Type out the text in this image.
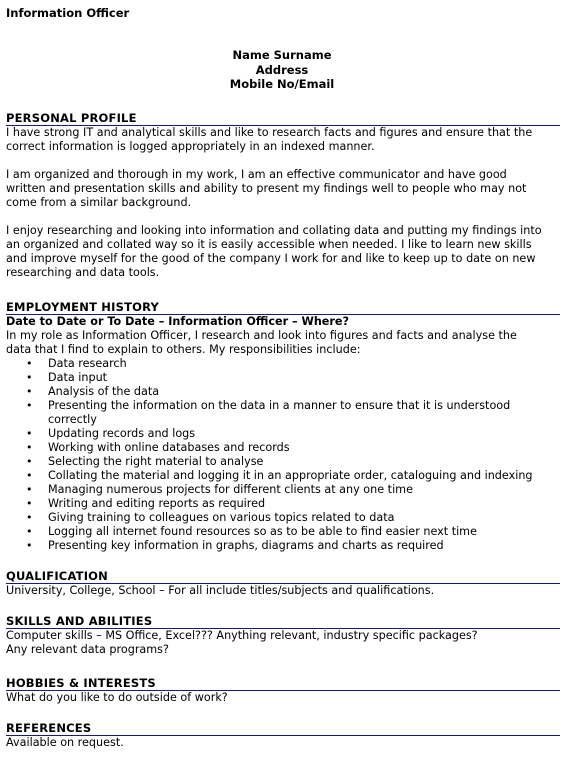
Information Officer
Name Surname
Address
Mobile No/Email
PERSONAL PROFILE
I have strong IT and analytical skills and like to research facts and figures and ensure that the
correct information is logged appropriately in an indexed manner.
I am organized and thorough in my work, I am an effective communicator and have good
written and presentation skills and ability to present my findings well to people who may not
come from a similar background.
I enjoy researching and looking into information and collating data and putting my findings into
an organized and collated way so it is easily accessible when needed. I like to learn new skills
and improve myself for the good of the company I work for and like to keep up to date on new
researching and data tools.
EMPLOYMENT HISTORY
Date to Date or To Date – Information Officer – Where?
In my role as Information Officer, I research and look into figures and facts and analyse the
data that I find to explain to others. My responsibilities include:
• Data research
• Data input
• Analysis of the data
• Presenting the information on the data in a manner to ensure that it is understood
correctly
• Updating records and logs
• Working with online databases and records
• Selecting the right material to analyse
• Collating the material and logging it in an appropriate order, cataloguing and indexing
• Managing numerous projects for different clients at any one time
• Writing and editing reports as required
• Giving training to colleagues on various topics related to data
• Logging all internet found resources so as to be able to find easier next time
• Presenting key information in graphs, diagrams and charts as required
QUALIFICATION
University, College, School – For all include titles/subjects and qualifications.
SKILLS AND ABILITIES
Computer skills – MS Office, Excel??? Anything relevant, industry specific packages?
Any relevant data programs?
HOBBIES & INTERESTS
What do you like to do outside of work?
REFERENCES
Available on request.
